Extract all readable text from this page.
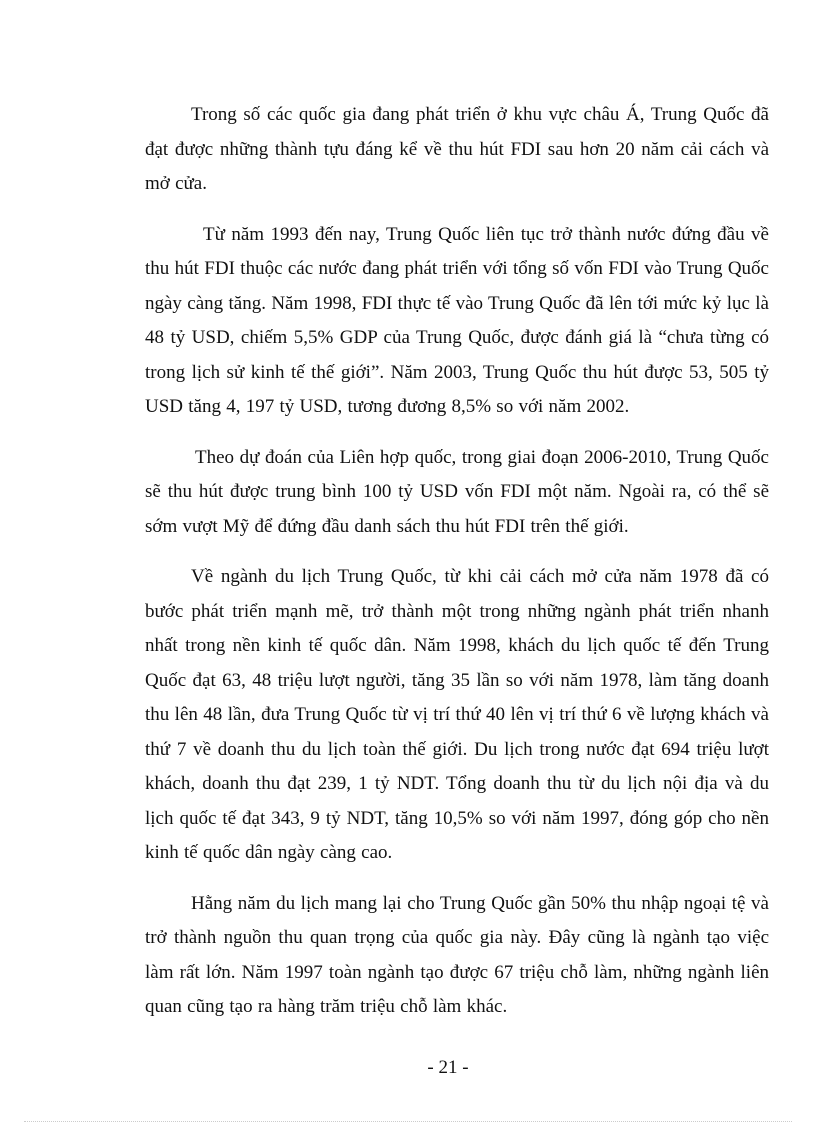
Trong số các quốc gia đang phát triển ở khu vực châu Á, Trung Quốc đã đạt được những thành tựu đáng kể về thu hút FDI sau hơn 20 năm cải cách và mở cửa.

Từ năm 1993 đến nay, Trung Quốc liên tục trở thành nước đứng đầu về thu hút FDI thuộc các nước đang phát triển với tổng số vốn FDI vào Trung Quốc ngày càng tăng. Năm 1998, FDI thực tế vào Trung Quốc đã lên tới mức kỷ lục là 48 tỷ USD, chiếm 5,5% GDP của Trung Quốc, được đánh giá là “chưa từng có trong lịch sử kinh tế thế giới”. Năm 2003, Trung Quốc thu hút được 53, 505 tỷ USD tăng 4, 197 tỷ USD, tương đương 8,5% so với năm 2002.

Theo dự đoán của Liên hợp quốc, trong giai đoạn 2006-2010, Trung Quốc sẽ thu hút được trung bình 100 tỷ USD vốn FDI một năm. Ngoài ra, có thể sẽ sớm vượt Mỹ để đứng đầu danh sách thu hút FDI trên thế giới.

Về ngành du lịch Trung Quốc, từ khi cải cách mở cửa năm 1978 đã có bước phát triển mạnh mẽ, trở thành một trong những ngành phát triển nhanh nhất trong nền kinh tế quốc dân. Năm 1998, khách du lịch quốc tế đến Trung Quốc đạt 63, 48 triệu lượt người, tăng 35 lần so với năm 1978, làm tăng doanh thu lên 48 lần, đưa Trung Quốc từ vị trí thứ 40 lên vị trí thứ 6 về lượng khách và thứ 7 về doanh thu du lịch toàn thế giới. Du lịch trong nước đạt 694 triệu lượt khách, doanh thu đạt 239, 1 tỷ NDT. Tổng doanh thu từ du lịch nội địa và du lịch quốc tế đạt 343, 9 tỷ NDT, tăng 10,5% so với năm 1997, đóng góp cho nền kinh tế quốc dân ngày càng cao.

Hằng năm du lịch mang lại cho Trung Quốc gần 50% thu nhập ngoại tệ và trở thành nguồn thu quan trọng của quốc gia này. Đây cũng là ngành tạo việc làm rất lớn. Năm 1997 toàn ngành tạo được 67 triệu chỗ làm, những ngành liên quan cũng tạo ra hàng trăm triệu chỗ làm khác.

- 21 -
